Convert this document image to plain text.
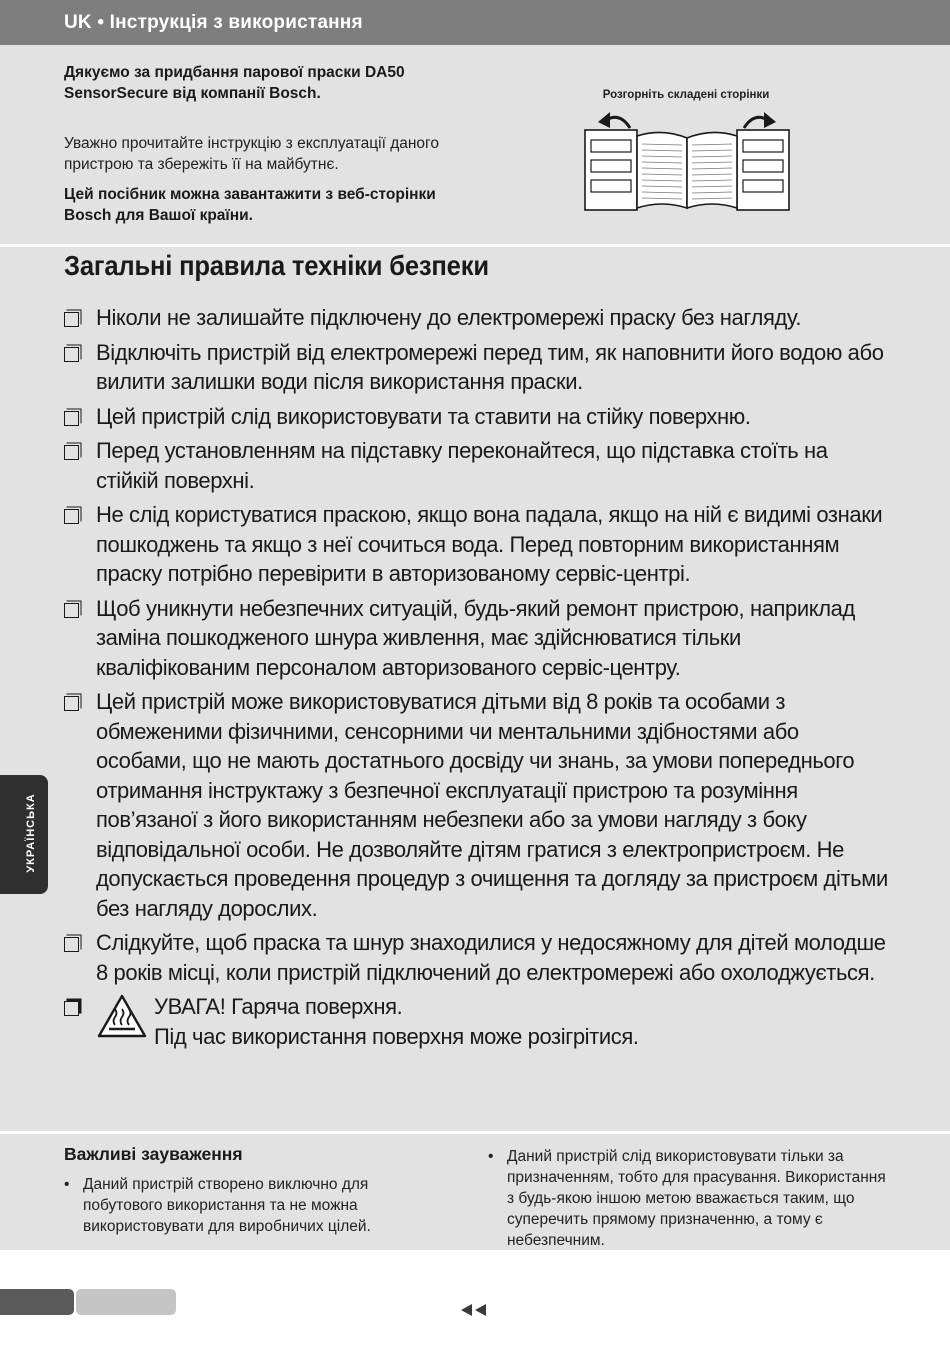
UK • Інструкція з використання
Дякуємо за придбання парової праски DA50 SensorSecure від компанії Bosch.
Уважно прочитайте інструкцію з експлуатації даного пристрою та збережіть її на майбутнє.
Цей посібник можна завантажити з веб-сторінки Bosch для Вашої країни.
Розгорніть складені сторінки
Загальні правила техніки безпеки
Ніколи не залишайте підключену до електромережі праску без нагляду.
Відключіть пристрій від електромережі перед тим, як наповнити його водою або вилити залишки води після використання праски.
Цей пристрій слід використовувати та ставити на стійку поверхню.
Перед установленням на підставку переконайтеся, що підставка стоїть на стійкій поверхні.
Не слід користуватися праскою, якщо вона падала, якщо на ній є видимі ознаки пошкоджень та якщо з неї сочиться вода. Перед повторним використанням праску потрібно перевірити в авторизованому сервіс-центрі.
Щоб уникнути небезпечних ситуацій, будь-який ремонт пристрою, наприклад заміна пошкодженого шнура живлення, має здійснюватися тільки кваліфікованим персоналом авторизованого сервіс-центру.
Цей пристрій може використовуватися дітьми від 8 років та особами з обмеженими фізичними, сенсорними чи ментальними здібностями або особами, що не мають достатнього досвіду чи знань, за умови попереднього отримання інструктажу з безпечної експлуатації пристрою та розуміння пов’язаної з його використанням небезпеки або за умови нагляду з боку відповідальної особи. Не дозволяйте дітям гратися з електропристроєм. Не допускається проведення процедур з очищення та догляду за пристроєм дітьми без нагляду дорослих.
Слідкуйте, щоб праска та шнур знаходилися у недосяжному для дітей молодше 8 років місці, коли пристрій підключений до електромережі або охолоджується.
УВАГА! Гаряча поверхня.
Під час використання поверхня може розігрітися.
Важливі зауваження
• Даний пристрій створено виключно для побутового використання та не можна використовувати для виробничих цілей.
• Даний пристрій слід використовувати тільки за призначенням, тобто для прасування. Використання з будь-якою іншою метою вважається таким, що суперечить прямому призначенню, а тому є небезпечним.
УКРАЇНСЬКА
